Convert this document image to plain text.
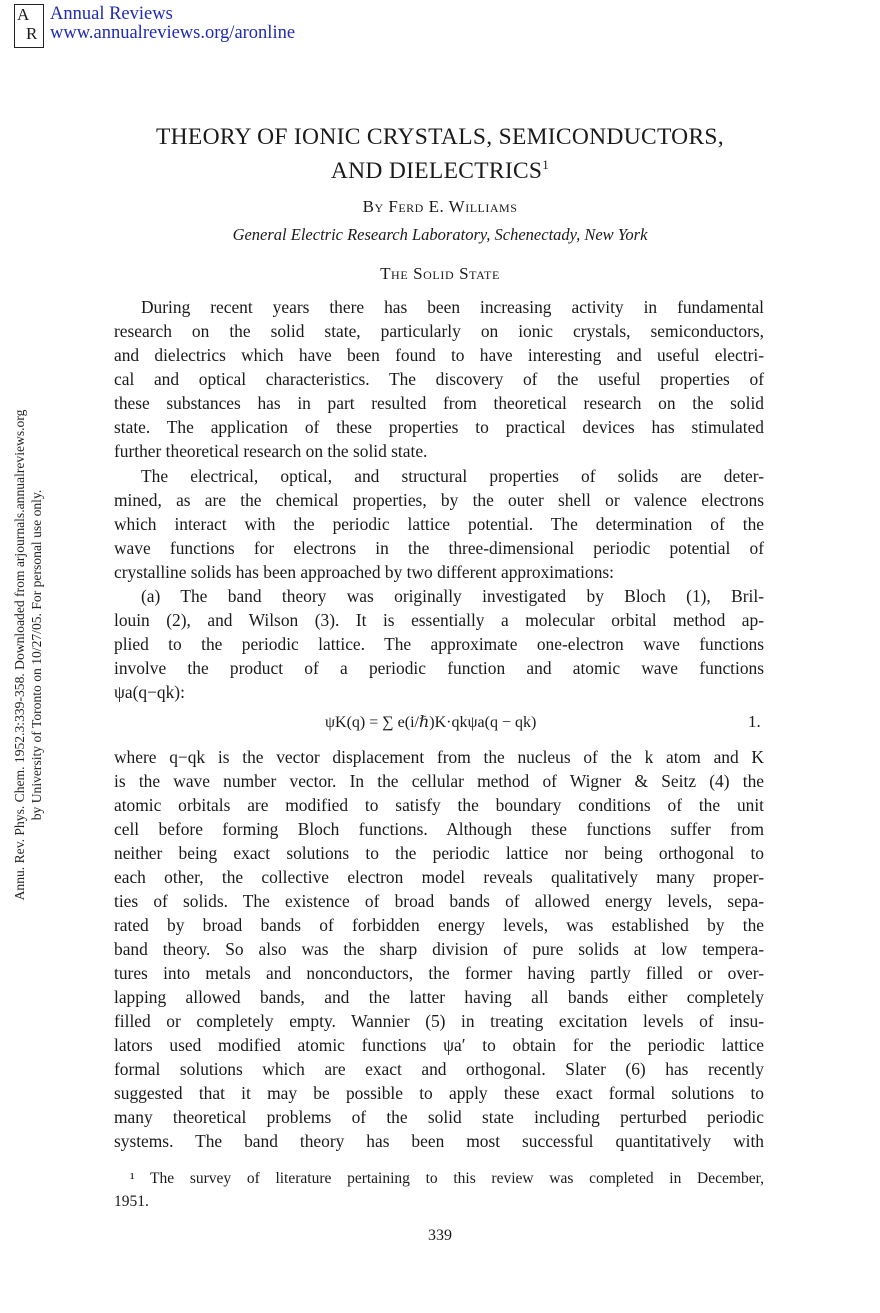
A
R
Annual Reviews
www.annualreviews.org/aronline
Annu. Rev. Phys. Chem. 1952.3:339-358. Downloaded from arjournals.annualreviews.org by University of Toronto on 10/27/05. For personal use only.
THEORY OF IONIC CRYSTALS, SEMICONDUCTORS,
AND DIELECTRICS$^1$
By Ferd E. Williams
General Electric Research Laboratory, Schenectady, New York
The Solid State
During recent years there has been increasing activity in fundamental
research on the solid state, particularly on ionic crystals, semiconductors,
and dielectrics which have been found to have interesting and useful electri-
cal and optical characteristics. The discovery of the useful properties of
these substances has in part resulted from theoretical research on the solid
state. The application of these properties to practical devices has stimulated
further theoretical research on the solid state.
The electrical, optical, and structural properties of solids are deter-
mined, as are the chemical properties, by the outer shell or valence electrons
which interact with the periodic lattice potential. The determination of the
wave functions for electrons in the three-dimensional periodic potential of
crystalline solids has been approached by two different approximations:
(a) The band theory was originally investigated by Bloch (1), Bril-
louin (2), and Wilson (3). It is essentially a molecular orbital method ap-
plied to the periodic lattice. The approximate one-electron wave functions
involve the product of a periodic function and atomic wave functions
ψa(q−qk):
ψK(q) = ∑ e(i/ℏ)K·qkψa(q − qk)	1.
where q−qk is the vector displacement from the nucleus of the k atom and K
is the wave number vector. In the cellular method of Wigner & Seitz (4) the
atomic orbitals are modified to satisfy the boundary conditions of the unit
cell before forming Bloch functions. Although these functions suffer from
neither being exact solutions to the periodic lattice nor being orthogonal to
each other, the collective electron model reveals qualitatively many proper-
ties of solids. The existence of broad bands of allowed energy levels, sepa-
rated by broad bands of forbidden energy levels, was established by the
band theory. So also was the sharp division of pure solids at low tempera-
tures into metals and nonconductors, the former having partly filled or over-
lapping allowed bands, and the latter having all bands either completely
filled or completely empty. Wannier (5) in treating excitation levels of insu-
lators used modified atomic functions ψa′ to obtain for the periodic lattice
formal solutions which are exact and orthogonal. Slater (6) has recently
suggested that it may be possible to apply these exact formal solutions to
many theoretical problems of the solid state including perturbed periodic
systems. The band theory has been most successful quantitatively with
¹ The survey of literature pertaining to this review was completed in December,
1951.
339
